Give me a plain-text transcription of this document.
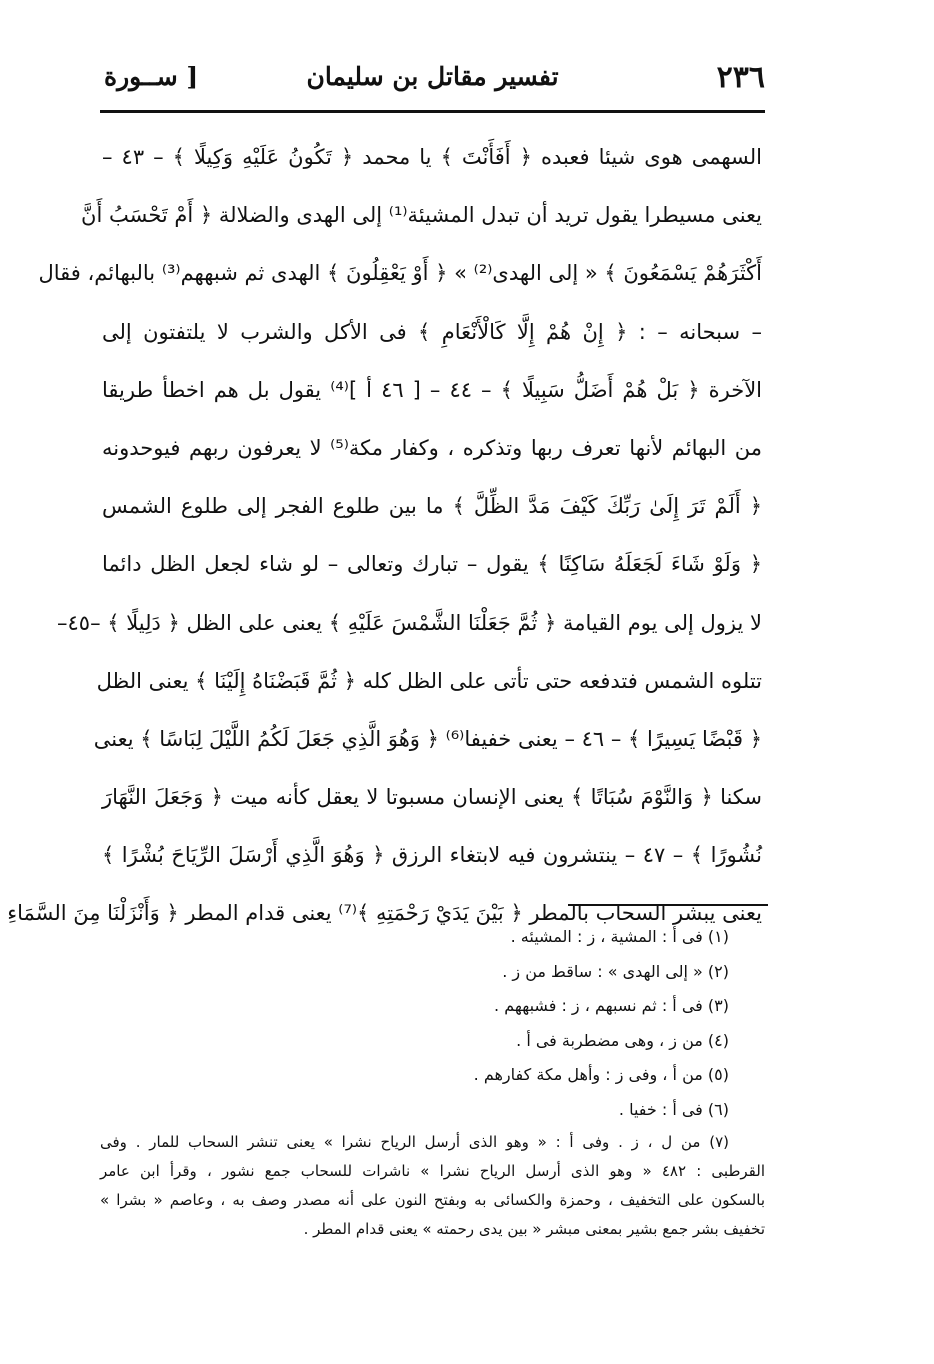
٢٣٦
تفسير مقاتل بن سليمان
[ ســورة
السهمى هوى شيئا فعبده ﴿ أَفَأَنْتَ ﴾ يا محمد ﴿ تَكُونُ عَلَيْهِ وَكِيلًا ﴾ – ٤٣ –
يعنى مسيطرا يقول تريد أن تبدل المشيئة⁽¹⁾ إلى الهدى والضلالة ﴿ أَمْ تَحْسَبُ أَنَّ
أَكْثَرَهُمْ يَسْمَعُونَ ﴾ « إلى الهدى⁽²⁾ » ﴿ أَوْ يَعْقِلُونَ ﴾ الهدى ثم شبههم⁽³⁾ بالبهائم، فقال
– سبحانه – : ﴿ إِنْ هُمْ إِلَّا كَالْأَنْعَامِ ﴾ فى الأكل والشرب لا يلتفتون إلى
الآخرة ﴿ بَلْ هُمْ أَضَلُّ سَبِيلًا ﴾ – ٤٤ – [ ٤٦ أ ]⁽⁴⁾ يقول بل هم اخطأ طريقا
من البهائم لأنها تعرف ربها وتذكره ، وكفار مكة⁽⁵⁾ لا يعرفون ربهم فيوحدونه
﴿ أَلَمْ تَرَ إِلَىٰ رَبِّكَ كَيْفَ مَدَّ الظِّلَّ ﴾ ما بين طلوع الفجر إلى طلوع الشمس
﴿ وَلَوْ شَاءَ لَجَعَلَهُ سَاكِنًا ﴾ يقول – تبارك وتعالى – لو شاء لجعل الظل دائما
لا يزول إلى يوم القيامة ﴿ ثُمَّ جَعَلْنَا الشَّمْسَ عَلَيْهِ ﴾ يعنى على الظل ﴿ دَلِيلًا ﴾ –٤٥–
تتلوه الشمس فتدفعه حتى تأتى على الظل كله ﴿ ثُمَّ قَبَضْنَاهُ إِلَيْنَا ﴾ يعنى الظل
﴿ قَبْضًا يَسِيرًا ﴾ – ٤٦ – يعنى خفيفا⁽⁶⁾ ﴿ وَهُوَ الَّذِي جَعَلَ لَكُمُ اللَّيْلَ لِبَاسًا ﴾ يعنى
سكنا ﴿ وَالنَّوْمَ سُبَاتًا ﴾ يعنى الإنسان مسبوتا لا يعقل كأنه ميت ﴿ وَجَعَلَ النَّهَارَ
نُشُورًا ﴾ – ٤٧ – ينتشرون فيه لابتغاء الرزق ﴿ وَهُوَ الَّذِي أَرْسَلَ الرِّيَاحَ بُشْرًا ﴾
يعنى يبشر السحاب بالمطر ﴿ بَيْنَ يَدَيْ رَحْمَتِهِ ﴾⁽⁷⁾ يعنى قدام المطر ﴿ وَأَنْزَلْنَا مِنَ السَّمَاءِ
(١) فى أ : المشية ، ز : المشيئه .
(٢) « إلى الهدى » : ساقط من ز .
(٣) فى أ : ثم نسبهم ، ز : فشبههم .
(٤) من ز ، وهى مضطربة فى أ .
(٥) من أ ، وفى ز : وأهل مكة كفارهم .
(٦) فى أ : خفيا .
(٧) من ل ، ز . وفى أ : « وهو الذى أرسل الرياح نشرا » يعنى تنشر السحاب للمار . وفى
القرطبى : ٤٨٢ « وهو الذى أرسل الرياح نشرا » ناشرات للسحاب جمع نشور ، وقرأ ابن عامر
بالسكون على التخفيف ، وحمزة والكسائى به وبفتح النون على أنه مصدر وصف به ، وعاصم « بشرا »
تخفيف بشر جمع بشير بمعنى مبشر « بين يدى رحمته » يعنى قدام المطر .
